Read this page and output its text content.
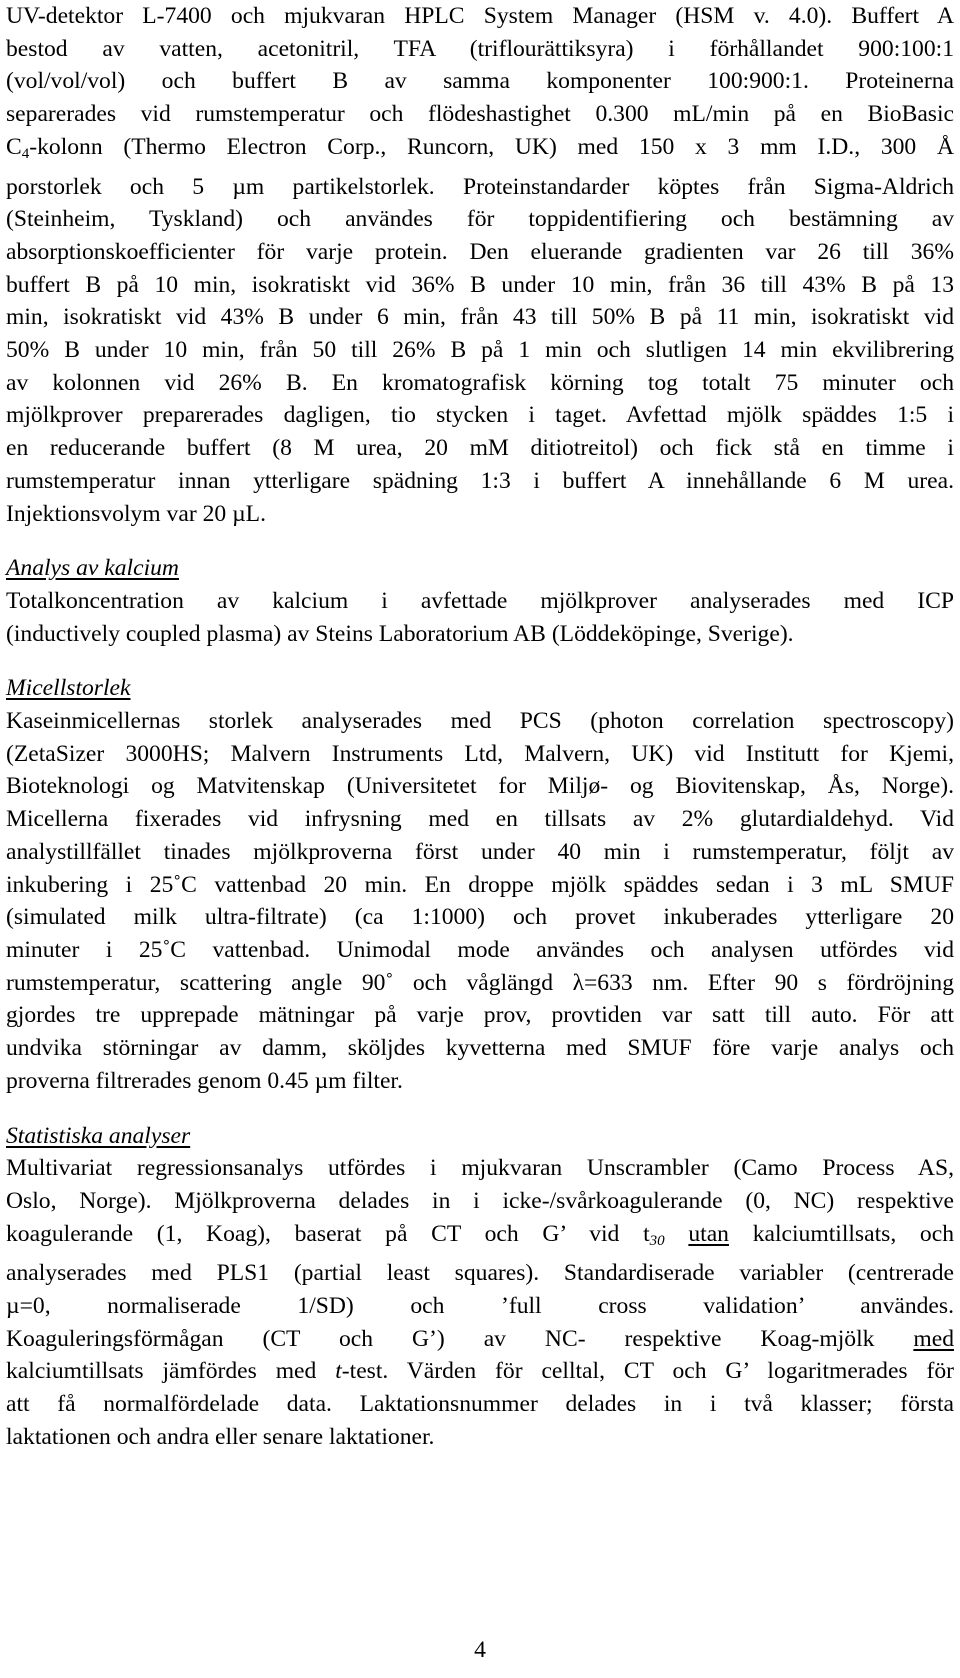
UV-detektor L-7400 och mjukvaran HPLC System Manager (HSM v. 4.0). Buffert A
bestod av vatten, acetonitril, TFA (triflourättiksyra) i förhållandet 900:100:1
(vol/vol/vol) och buffert B av samma komponenter 100:900:1. Proteinerna
separerades vid rumstemperatur och flödeshastighet 0.300 mL/min på en BioBasic
$C_4$-kolonn (Thermo Electron Corp., Runcorn, UK) med 150 x 3 mm I.D., 300 Å
porstorlek och 5 µm partikelstorlek. Proteinstandarder köptes från Sigma-Aldrich
(Steinheim, Tyskland) och användes för toppidentifiering och bestämning av
absorptionskoefficienter för varje protein. Den eluerande gradienten var 26 till 36%
buffert B på 10 min, isokratiskt vid 36% B under 10 min, från 36 till 43% B på 13
min, isokratiskt vid 43% B under 6 min, från 43 till 50% B på 11 min, isokratiskt vid
50% B under 10 min, från 50 till 26% B på 1 min och slutligen 14 min ekvilibrering
av kolonnen vid 26% B. En kromatografisk körning tog totalt 75 minuter och
mjölkprover preparerades dagligen, tio stycken i taget. Avfettad mjölk späddes 1:5 i
en reducerande buffert (8 M urea, 20 mM ditiotreitol) och fick stå en timme i
rumstemperatur innan ytterligare spädning 1:3 i buffert A innehållande 6 M urea.
Injektionsvolym var 20 µL.
Analys av kalcium
Totalkoncentration av kalcium i avfettade mjölkprover analyserades med ICP
(inductively coupled plasma) av Steins Laboratorium AB (Löddeköpinge, Sverige).
Micellstorlek
Kaseinmicellernas storlek analyserades med PCS (photon correlation spectroscopy)
(ZetaSizer 3000HS; Malvern Instruments Ltd, Malvern, UK) vid Institutt for Kjemi,
Bioteknologi og Matvitenskap (Universitetet for Miljø- og Biovitenskap, Ås, Norge).
Micellerna fixerades vid infrysning med en tillsats av 2% glutardialdehyd. Vid
analystillfället tinades mjölkproverna först under 40 min i rumstemperatur, följt av
inkubering i 25˚C vattenbad 20 min. En droppe mjölk späddes sedan i 3 mL SMUF
(simulated milk ultra-filtrate) (ca 1:1000) och provet inkuberades ytterligare 20
minuter i 25˚C vattenbad. Unimodal mode användes och analysen utfördes vid
rumstemperatur, scattering angle 90˚ och våglängd λ=633 nm. Efter 90 s fördröjning
gjordes tre upprepade mätningar på varje prov, provtiden var satt till auto. För att
undvika störningar av damm, sköljdes kyvetterna med SMUF före varje analys och
proverna filtrerades genom 0.45 µm filter.
Statistiska analyser
Multivariat regressionsanalys utfördes i mjukvaran Unscrambler (Camo Process AS,
Oslo, Norge). Mjölkproverna delades in i icke-/svårkoagulerande (0, NC) respektive
koagulerande (1, Koag), baserat på CT och G’ vid $t_{30}$ utan kalciumtillsats, och
analyserades med PLS1 (partial least squares). Standardiserade variabler (centrerade
µ=0, normaliserade 1/SD) och ’full cross validation’ användes.
Koaguleringsförmågan (CT och G’) av NC- respektive Koag-mjölk med
kalciumtillsats jämfördes med t-test. Värden för celltal, CT och G’ logaritmerades för
att få normalfördelade data. Laktationsnummer delades in i två klasser; första
laktationen och andra eller senare laktationer.
4
